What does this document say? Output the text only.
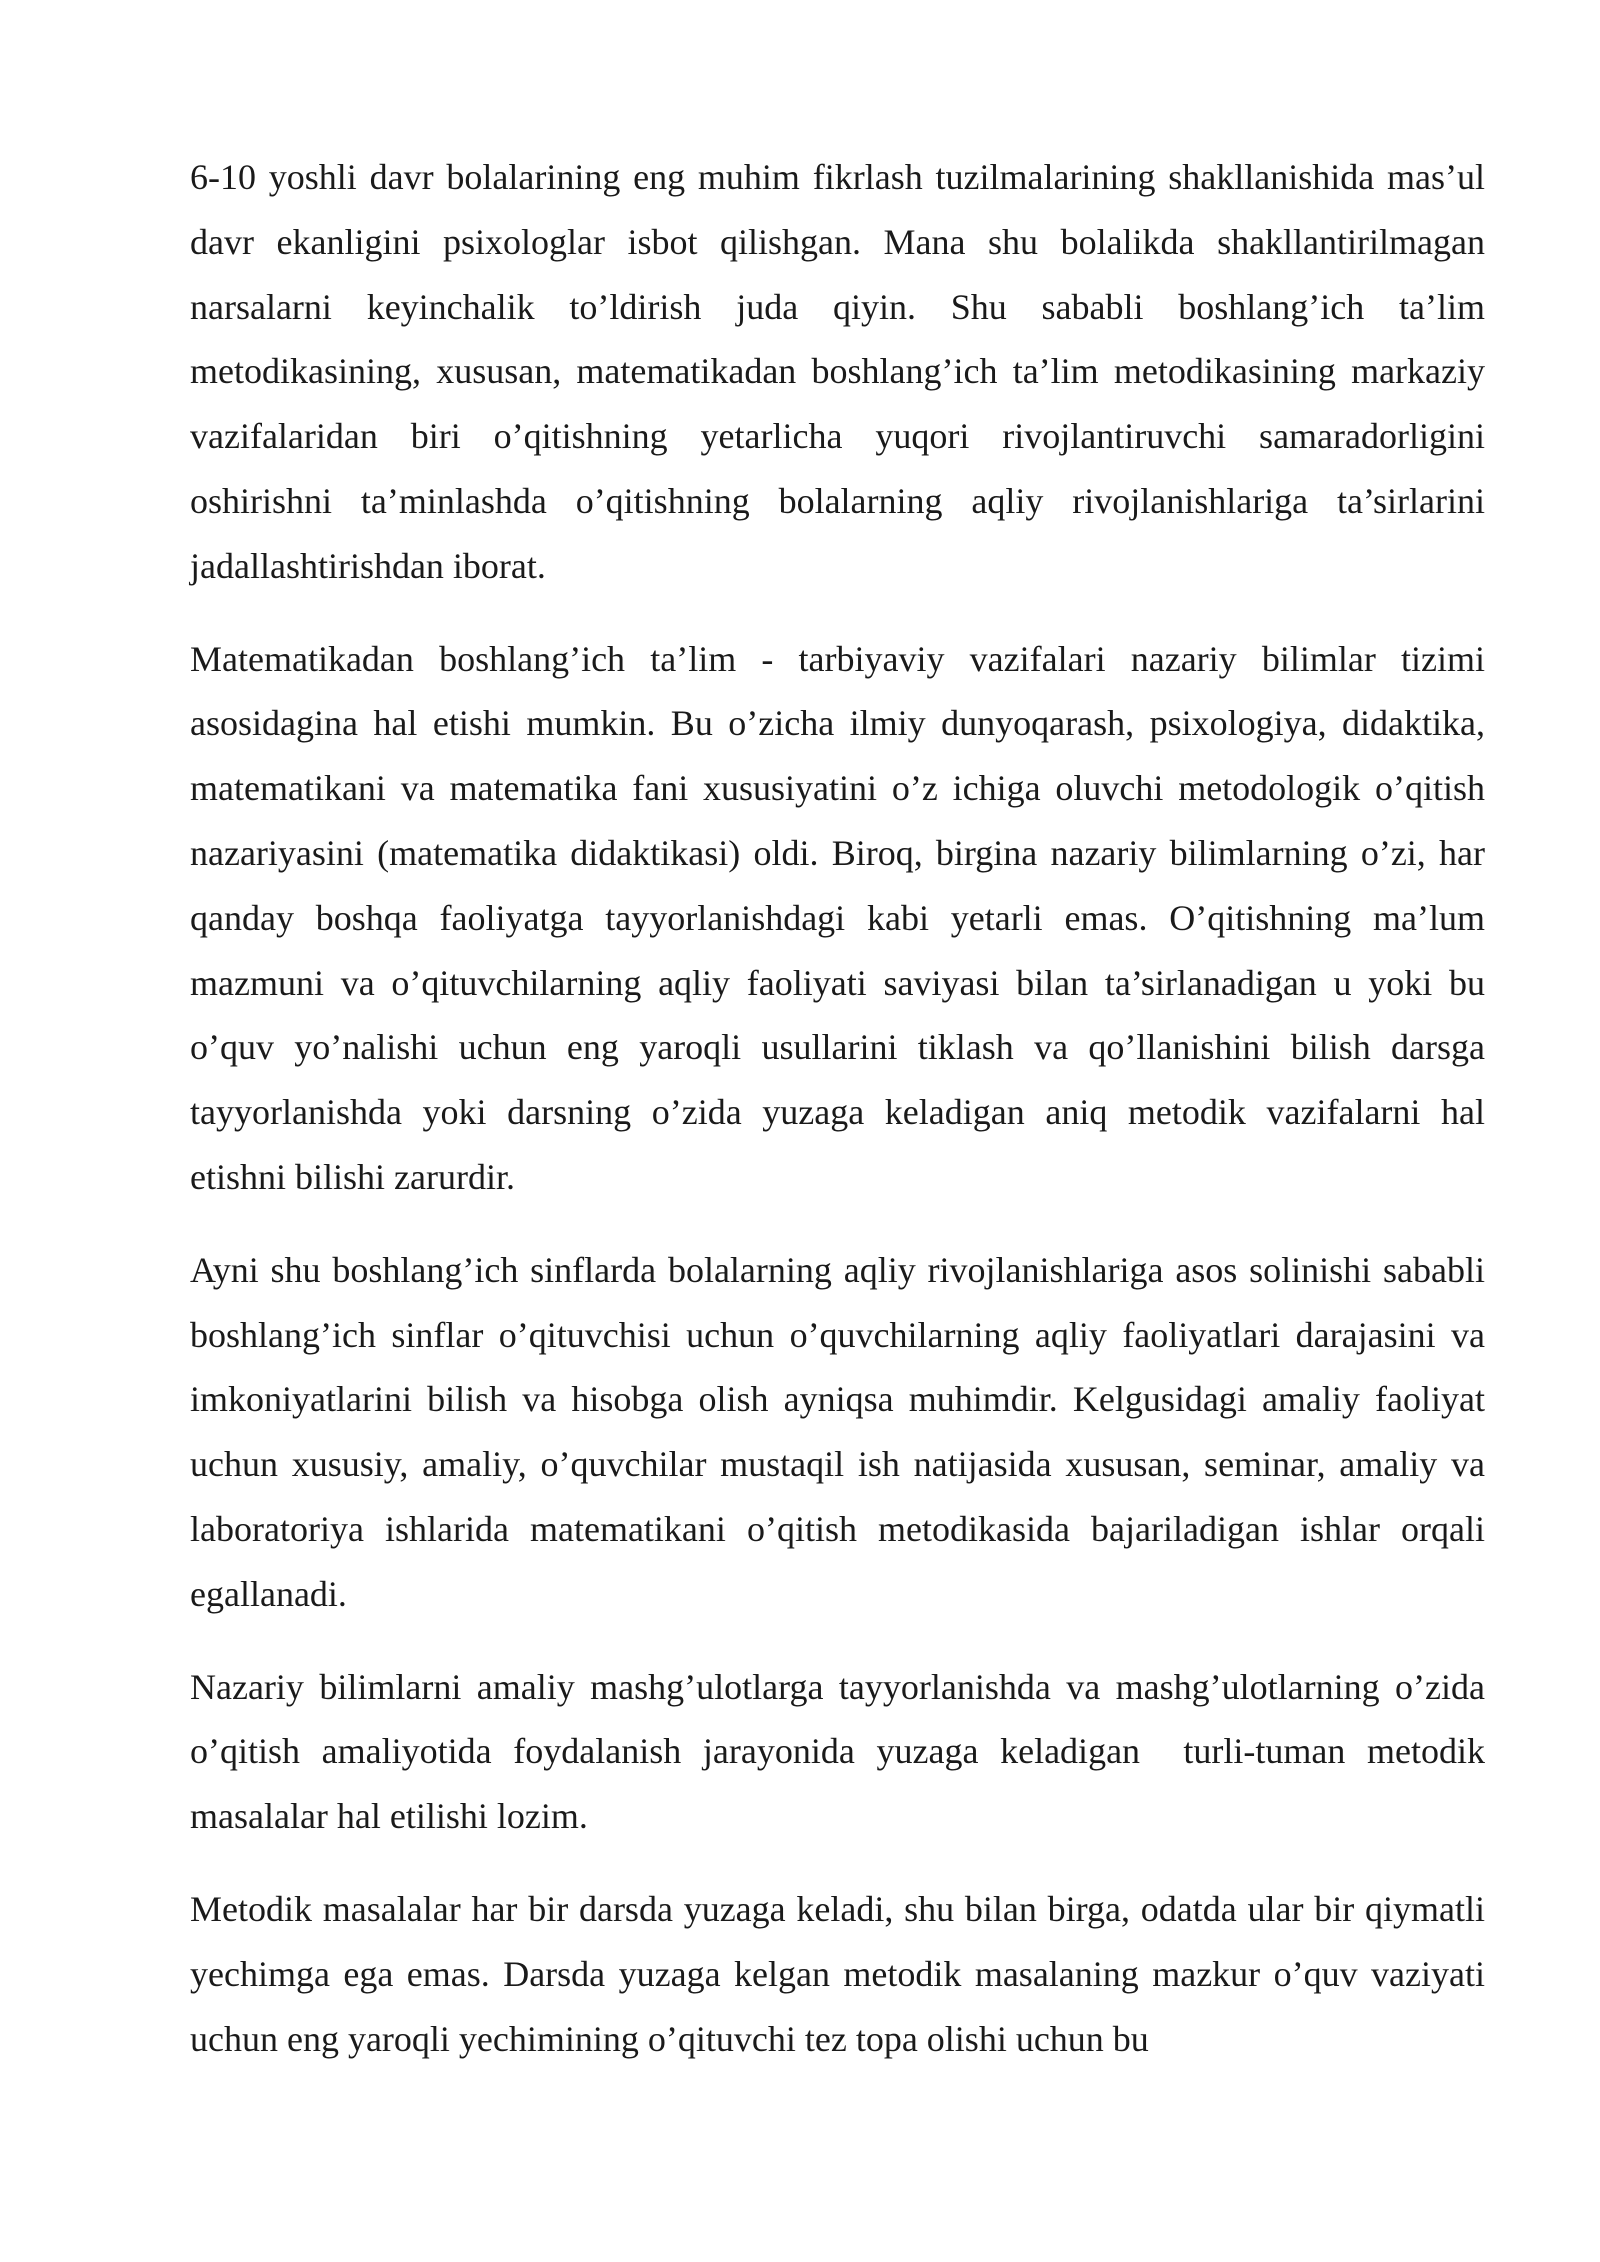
6-10 yoshli davr bolalarining eng muhim fikrlash tuzilmalarining shakllanishida mas’ul davr ekanligini psixologlar isbot qilishgan. Mana shu bolalikda shakllantirilmagan narsalarni keyinchalik to’ldirish juda qiyin. Shu sababli boshlang’ich ta’lim metodikasining, xususan, matematikadan boshlang’ich ta’lim metodikasining markaziy vazifalaridan biri o’qitishning yetarlicha yuqori rivojlantiruvchi samaradorligini oshirishni ta’minlashda o’qitishning bolalarning aqliy rivojlanishlariga ta’sirlarini jadallashtirishdan iborat.

Matematikadan boshlang’ich ta’lim - tarbiyaviy vazifalari nazariy bilimlar tizimi asosidagina hal etishi mumkin. Bu o’zicha ilmiy dunyoqarash, psixologiya, didaktika, matematikani va matematika fani xususiyatini o’z ichiga oluvchi metodologik o’qitish nazariyasini (matematika didaktikasi) oldi. Biroq, birgina nazariy bilimlarning o’zi, har qanday boshqa faoliyatga tayyorlanishdagi kabi yetarli emas. O’qitishning ma’lum mazmuni va o’qituvchilarning aqliy faoliyati saviyasi bilan ta’sirlanadigan u yoki bu o’quv yo’nalishi uchun eng yaroqli usullarini tiklash va qo’llanishini bilish darsga tayyorlanishda yoki darsning o’zida yuzaga keladigan aniq metodik vazifalarni hal etishni bilishi zarurdir.

Ayni shu boshlang’ich sinflarda bolalarning aqliy rivojlanishlariga asos solinishi sababli boshlang’ich sinflar o’qituvchisi uchun o’quvchilarning aqliy faoliyatlari darajasini va imkoniyatlarini bilish va hisobga olish ayniqsa muhimdir. Kelgusidagi amaliy faoliyat uchun xususiy, amaliy, o’quvchilar mustaqil ish natijasida xususan, seminar, amaliy va laboratoriya ishlarida matematikani o’qitish metodikasida bajariladigan ishlar orqali egallanadi.

Nazariy bilimlarni amaliy mashg’ulotlarga tayyorlanishda va mashg’ulotlarning o’zida o’qitish amaliyotida foydalanish jarayonida yuzaga keladigan  turli-tuman metodik masalalar hal etilishi lozim.

Metodik masalalar har bir darsda yuzaga keladi, shu bilan birga, odatda ular bir qiymatli yechimga ega emas. Darsda yuzaga kelgan metodik masalaning mazkur o’quv vaziyati uchun eng yaroqli yechimining o’qituvchi tez topa olishi uchun bu
